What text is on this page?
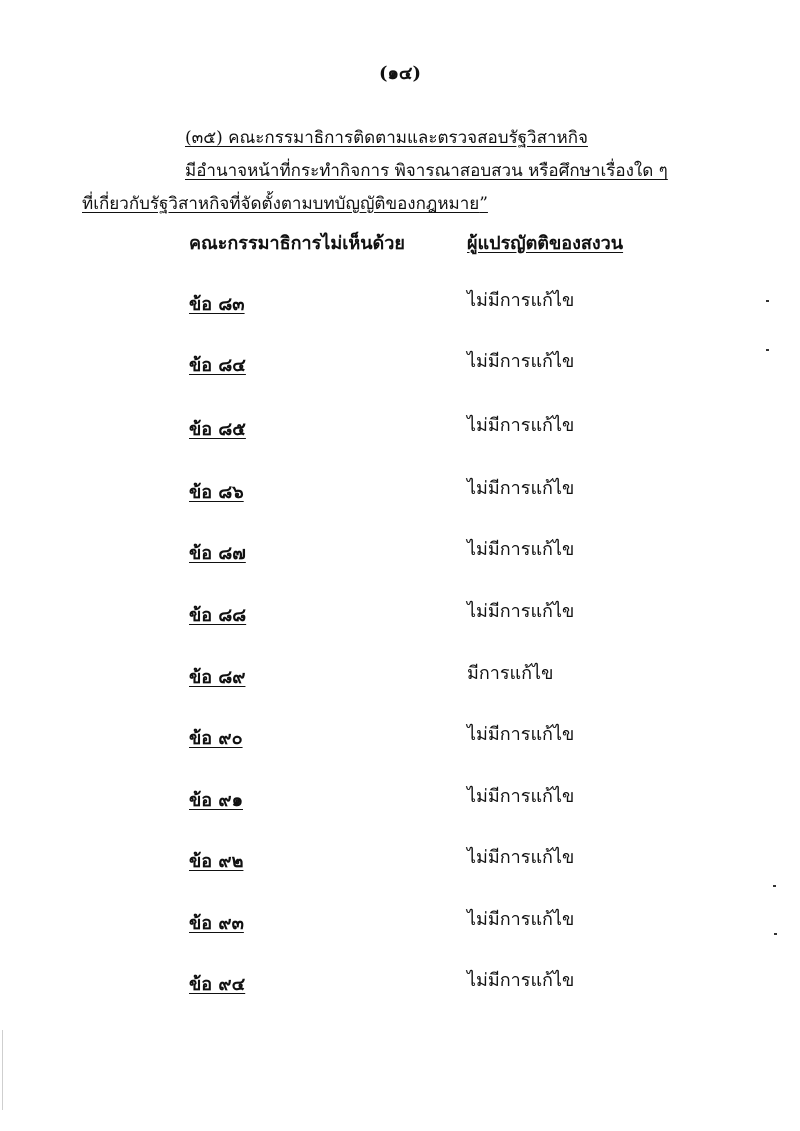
(๑๔)
(๓๕) คณะกรรมาธิการติดตามและตรวจสอบรัฐวิสาหกิจ
มีอำนาจหน้าที่กระทำกิจการ พิจารณาสอบสวน หรือศึกษาเรื่องใด ๆ
ที่เกี่ยวกับรัฐวิสาหกิจที่จัดตั้งตามบทบัญญัติของกฎหมาย”
คณะกรรมาธิการไม่เห็นด้วย	ผู้แปรญัตติของสงวน
ข้อ ๘๓	ไม่มีการแก้ไข
ข้อ ๘๔	ไม่มีการแก้ไข
ข้อ ๘๕	ไม่มีการแก้ไข
ข้อ ๘๖	ไม่มีการแก้ไข
ข้อ ๘๗	ไม่มีการแก้ไข
ข้อ ๘๘	ไม่มีการแก้ไข
ข้อ ๘๙	มีการแก้ไข
ข้อ ๙๐	ไม่มีการแก้ไข
ข้อ ๙๑	ไม่มีการแก้ไข
ข้อ ๙๒	ไม่มีการแก้ไข
ข้อ ๙๓	ไม่มีการแก้ไข
ข้อ ๙๔	ไม่มีการแก้ไข
